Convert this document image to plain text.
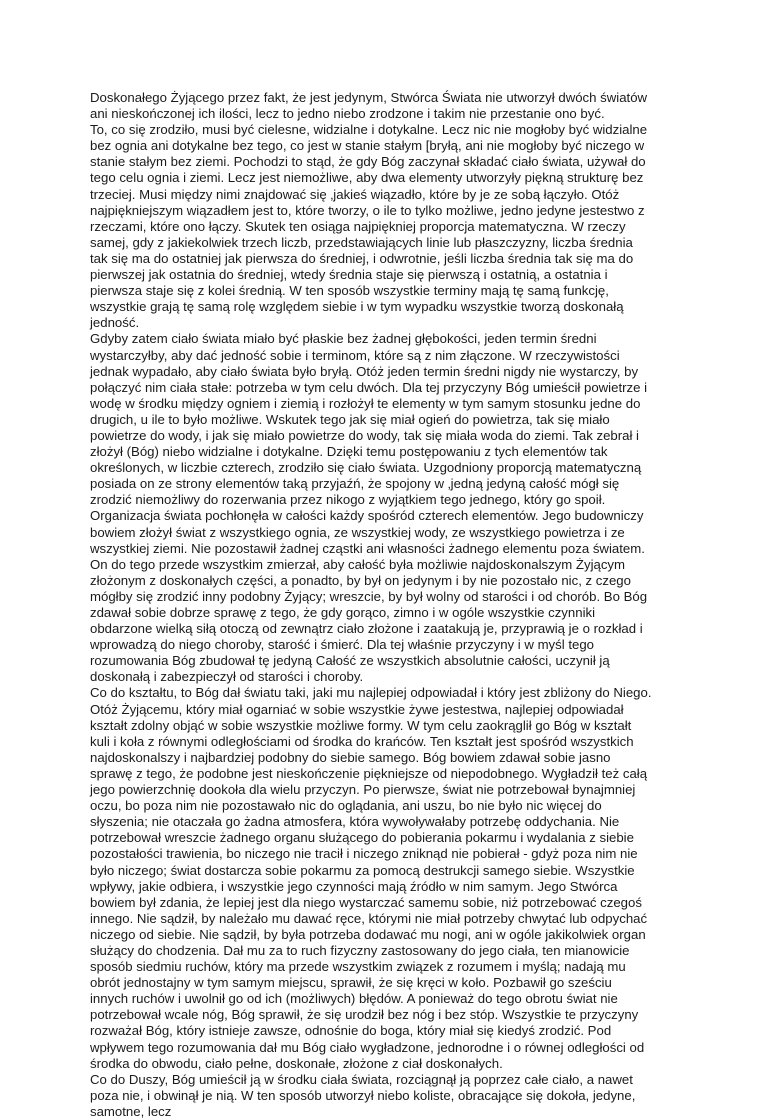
Doskonałego Żyjącego przez fakt, że jest jedynym, Stwórca Świata nie utworzył dwóch światów ani nieskończonej ich ilości, lecz to jedno niebo zrodzone i takim nie przestanie ono być.

To, co się zrodziło, musi być cielesne, widzialne i dotykalne. Lecz nic nie mogłoby być widzialne bez ognia ani dotykalne bez tego, co jest w stanie stałym [bryłą, ani nie mogłoby być niczego w stanie stałym bez ziemi. Pochodzi to stąd, że gdy Bóg zaczynał składać ciało świata, używał do tego celu ognia i ziemi. Lecz jest niemożliwe, aby dwa elementy utworzyły piękną strukturę bez trzeciej. Musi między nimi znajdować się ‚jakieś wiązadło, które by je ze sobą łączyło. Otóż najpiękniejszym wiązadłem jest to, które tworzy, o ile to tylko możliwe, jedno jedyne jestestwo z rzeczami, które ono łączy. Skutek ten osiąga najpiękniej proporcja matematyczna. W rzeczy samej, gdy z jakiekolwiek trzech liczb, przedstawiających linie lub płaszczyzny, liczba średnia tak się ma do ostatniej jak pierwsza do średniej, i odwrotnie, jeśli liczba średnia tak się ma do pierwszej jak ostatnia do średniej, wtedy średnia staje się pierwszą i ostatnią, a ostatnia i pierwsza staje się z kolei średnią. W ten sposób wszystkie terminy mają tę samą funkcję, wszystkie grają tę samą rolę względem siebie i w tym wypadku wszystkie tworzą doskonałą jedność.

Gdyby zatem ciało świata miało być płaskie bez żadnej głębokości, jeden termin średni wystarczyłby, aby dać jedność sobie i terminom, które są z nim złączone. W rzeczywistości jednak wypadało, aby ciało świata było bryłą. Otóż jeden termin średni nigdy nie wystarczy, by połączyć nim ciała stałe: potrzeba w tym celu dwóch. Dla tej przyczyny Bóg umieścił powietrze i wodę w środku między ogniem i ziemią i rozłożył te elementy w tym samym stosunku jedne do drugich, u ile to było możliwe. Wskutek tego jak się miał ogień do powietrza, tak się miało powietrze do wody, i jak się miało powietrze do wody, tak się miała woda do ziemi. Tak zebrał i złożył (Bóg) niebo widzialne i dotykalne. Dzięki temu postępowaniu z tych elementów tak określonych, w liczbie czterech, zrodziło się ciało świata. Uzgodniony proporcją matematyczną posiada on ze strony elementów taką przyjaźń, że spojony w ‚jedną jedyną całość mógł się zrodzić niemożliwy do rozerwania przez nikogo z wyjątkiem tego jednego, który go spoił.

Organizacja świata pochłonęła w całości każdy spośród czterech elementów. Jego budowniczy bowiem złożył świat z wszystkiego ognia, ze wszystkiej wody, ze wszystkiego powietrza i ze wszystkiej ziemi. Nie pozostawił żadnej cząstki ani własności żadnego elementu poza światem. On do tego przede wszystkim zmierzał, aby całość była możliwie najdoskonalszym Żyjącym złożonym z doskonałych części, a ponadto, by był on jedynym i by nie pozostało nic, z czego mógłby się zrodzić inny podobny Żyjący; wreszcie, by był wolny od starości i od chorób. Bo Bóg zdawał sobie dobrze sprawę z tego, że gdy gorąco, zimno i w ogóle wszystkie czynniki obdarzone wielką siłą otoczą od zewnątrz ciało złożone i zaatakują je, przyprawią je o rozkład i wprowadzą do niego choroby, starość i śmierć. Dla tej właśnie przyczyny i w myśl tego rozumowania Bóg zbudował tę jedyną Całość ze wszystkich absolutnie całości, uczynił ją doskonałą i zabezpieczył od starości i choroby.

Co do kształtu, to Bóg dał światu taki, jaki mu najlepiej odpowiadał i który jest zbliżony do Niego. Otóż Żyjącemu, który miał ogarniać w sobie wszystkie żywe jestestwa, najlepiej odpowiadał kształt zdolny objąć w sobie wszystkie możliwe formy. W tym celu zaokrąglił go Bóg w kształt kuli i koła z równymi odległościami od środka do krańców. Ten kształt jest spośród wszystkich najdoskonalszy i najbardziej podobny do siebie samego. Bóg bowiem zdawał sobie jasno sprawę z tego, że podobne jest nieskończenie piękniejsze od niepodobnego. Wygładził też całą jego powierzchnię dookoła dla wielu przyczyn. Po pierwsze, świat nie potrzebował bynajmniej oczu, bo poza nim nie pozostawało nic do oglądania, ani uszu, bo nie było nic więcej do słyszenia; nie otaczała go żadna atmosfera, która wywoływałaby potrzebę oddychania. Nie potrzebował wreszcie żadnego organu służącego do pobierania pokarmu i wydalania z siebie pozostałości trawienia, bo niczego nie tracił i niczego zniknąd nie pobierał - gdyż poza nim nie było niczego; świat dostarcza sobie pokarmu za pomocą destrukcji samego siebie. Wszystkie wpływy, jakie odbiera, i wszystkie jego czynności mają źródło w nim samym. Jego Stwórca bowiem był zdania, że lepiej jest dla niego wystarczać samemu sobie, niż potrzebować czegoś innego. Nie sądził, by należało mu dawać ręce, którymi nie miał potrzeby chwytać lub odpychać niczego od siebie. Nie sądził, by była potrzeba dodawać mu nogi, ani w ogóle jakikolwiek organ służący do chodzenia. Dał mu za to ruch fizyczny zastosowany do jego ciała, ten mianowicie sposób siedmiu ruchów, który ma przede wszystkim związek z rozumem i myślą; nadają mu obrót jednostajny w tym samym miejscu, sprawił, że się kręci w koło. Pozbawił go sześciu innych ruchów i uwolnił go od ich (możliwych) błędów. A ponieważ do tego obrotu świat nie potrzebował wcale nóg, Bóg sprawił, że się urodził bez nóg i bez stóp. Wszystkie te przyczyny rozważał Bóg, który istnieje zawsze, odnośnie do boga, który miał się kiedyś zrodzić. Pod wpływem tego rozumowania dał mu Bóg ciało wygładzone, jednorodne i o równej odległości od środka do obwodu, ciało pełne, doskonałe, złożone z ciał doskonałych.

Co do Duszy, Bóg umieścił ją w środku ciała świata, rozciągnął ją poprzez całe ciało, a nawet poza nie, i obwinął je nią. W ten sposób utworzył niebo koliste, obracające się dokoła, jedyne, samotne, lecz
